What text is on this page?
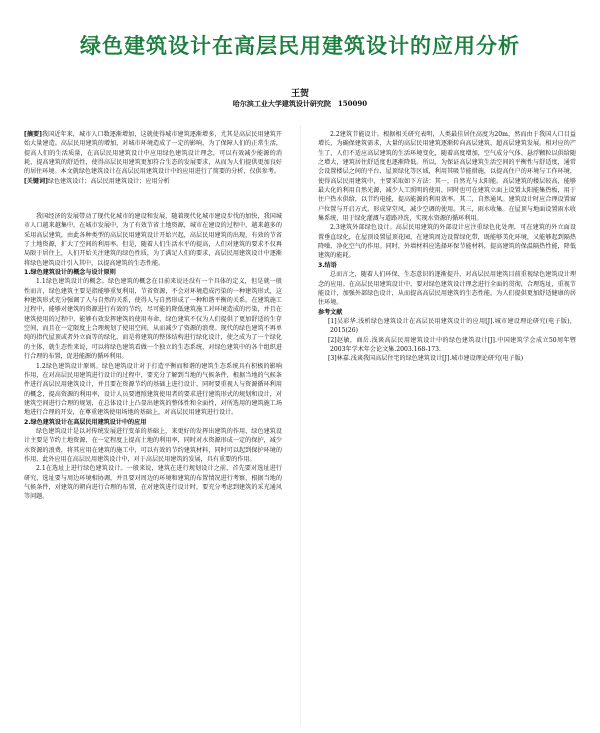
绿色建筑设计在高层民用建筑设计的应用分析
王贺
哈尔滨工业大学建筑设计研究院　150090

[摘要]我国近年来，城市人口数逐渐增加，这就使得城市建筑逐渐增多，尤其是高层民用建筑开始大量建造。高层民用建筑的增加，对城市环境造成了一定的影响，为了保障人们的正常生活，提高人们的生活质量，在高层民用建筑设计中应用绿色建筑设计理念，可以有效减少能源的消耗，提高建筑的舒适性，使得高层民用建筑更加符合生态的发展要求，从而为人们提供更加良好的居住环境。本文就绿色建筑设计在高层民用建筑设计中的应用进行了简要的分析，仅供参考。

[关键词]绿色建筑设计；高层民用建筑设计；应用分析

我国经济的发展带动了现代化城市的建设和发展，随着现代化城市建设步伐的加快，我国城市人口越来越集中。在城市发展中，为了有效节省土地资源，城市在建设的过程中，越来越多的采用高层建筑，由此各种类型的高层民用建筑设计开始兴起，高层民用建筑的出现，有效的节省了土地资源，扩大了空间的利用率。但是，随着人们生活水平的提高，人们对建筑的要求不仅再局限于居住上，人们开始关注建筑的绿色性质，为了满足人们的要求，高层民用建筑设计中逐渐将绿色建筑设计引入其中，以提高建筑的生态性能。

1.绿色建筑设计的概念与设计原则

1.1绿色建筑设计的概念。绿色建筑的概念在目前来说还没有一个具体的定义，但是就一般性而言，绿色建筑主要是指能够重复利用，节省资源，不会对环境造成污染的一种建筑形式，这种建筑形式充分强调了人与自然的关系，使得人与自然形成了一种和谐平衡的关系。在建筑施工过程中，能够对建筑的资源进行有效的节约，尽可能的降低建筑施工对环境造成的污染，并且在建筑使用的过程中，能够有效发挥建筑的使用寿命，绿色建筑不仅为人们提供了更加舒适的生存空间，而且在一定限度上合理规划了使用空间，从而减少了资源的浪费。现代的绿色建筑不再单纯的指代屋顶或者外立面等的绿化，而是将建筑的整体结构进行绿化设计，使之成为了一个绿化的主体，就生态性来说，可以将绿色建筑看做一个独立的生态系统，对绿色建筑中的各个组织进行合理的布置，促进能源的循环利用。

1.2绿色建筑设计原则。绿色建筑设计对于打造平衡而和谐的建筑生态系统具有积极的影响作用，在对高层民用建筑进行设计的过程中，要充分了解到当地的气候条件，根据当地的气候条件进行高层民用建筑设计，并且要在资源节约的基础上进行设计，同时要重视人与资源循环利用的概念，提高资源的利用率，设计人员要遵照建筑使用者的要求进行建筑形式的规划和设计，对建筑空间进行合理的规划，在总体设计上凸显出建筑的整体性和全面性，对所选用的建筑施工场地进行合理的开发，在尊重建筑使用场地的基础上，对高层民用建筑进行设计。

2.绿色建筑设计在高层民用建筑设计中的应用

绿色建筑设计是以对传统发展进行变革的基础上，来更好的发挥出建筑的作用，绿色建筑设计主要是节约土地资源，在一定程度上提高土地的利用率，同时对水资源形成一定的保护，减少水资源的浪费，将其应用在建筑的施工中，可以有效的节约建筑材料，同时可以起到保护环境的作用，此外应用在高层民用建筑设计中，对于高层民用建筑的发展，具有重要的作用。

2.1在选址上进行绿色建筑设计。一般来说，建筑在进行规划设计之前，首先要对选址进行研究，选址要与周边环境相协调，并且要对周边的环境和建筑的布置情况进行考察，根据当地的气候条件，对建筑的朝向进行合理的布置，在对建筑进行设计时，要充分考虑到建筑的采光通风等问题。

2.2建筑节能设计。根据相关研究表明，人类最佳居住高度为20m，然而由于我国人口目益增长，为确保建筑需求，大量的高层民用建筑逐渐转向高层建筑、超高层建筑发展。相对应的产生了，人们不适应高层建筑的生活环境变化，随着高度增加，空气成分气体、悬浮颗粒以供给随之增大，建筑居住舒适度也逐渐降低。所以，为保证高层建筑生活空间的平衡性与舒适度，通常会设置楼层之间的平台、屋顶绿化等区域，利用其吸节能措施，以提高住户的环境与工作环境，使得高层民用建筑中，主要采取如下方法：其一，自然光与太阳能。高层建筑的楼层较高，能够最大化的利用自然光源，减少人工照明的使用，同时也可在建筑立面上设置太阳能集热板，用于住户热水供给，以节约电能，提高能源的利用效率。其二，自然通风。建筑设计时应合理设置窗户位置与开启方式，形成穿堂风，减少空调的使用。其三，雨水收集。在屋顶与地面设置雨水收集系统，用于绿化灌溉与道路冲洗，实现水资源的循环利用。

2.3建筑外部绿色设计。高层民用建筑的外部设计应注重绿色化处理，可在建筑的外立面设置垂直绿化，在屋顶设置屋顶花园，在建筑周边设置绿化带，既能够美化环境，又能够起到隔热降噪、净化空气的作用。同时，外墙材料应选择环保节能材料，提高建筑的保温隔热性能，降低建筑的能耗。

3.结语

总而言之，随着人们环保、生态意识的逐渐提升，对高层民用建筑目前重视绿色建筑设计理念的应用。在高层民用建筑设计中，要对绿色建筑设计理念进行全面的贯彻，合理选址，重视节能设计，加强外部绿色设计，从而提高高层民用建筑的生态性能，为人们提供更加舒适健康的居住环境。

参考文献

[1]吴彩华.浅析绿色建筑设计在高层民用建筑设计的应用[J].城市建设理论研究(电子版)，2015(26)

[2]赵敏，商岳.浅谈高层民用建筑设计中的绿色建筑设计[J].中国建筑学会成立50周年暨2003年学术年会论文集.2003.168-173.

[3]林嘉.浅谈我国高层住宅的绿色建筑设计[J].城市建设理论研究(电子版)
